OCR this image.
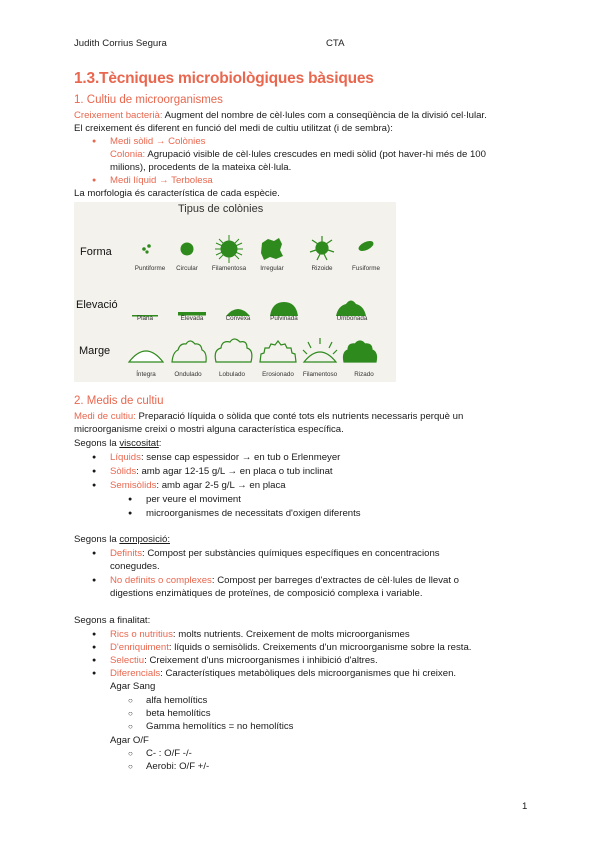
Judith Corrius Segura	CTA
1.3.Tècniques microbiològiques bàsiques
1. Cultiu de microorganismes
Creixement bacterià: Augment del nombre de cèl·lules com a conseqüència de la divisió cel·lular.
El creixement és diferent en funció del medi de cultiu utilitzat (i de sembra):
● Medi sòlid → Colònies
Colonia: Agrupació visible de cèl·lules crescudes en medi sòlid (pot haver-hi més de 100
milions), procedents de la mateixa cèl·lula.
● Medi líquid → Terbolesa
La morfologia és característica de cada espècie.
Tipus de colònies
Forma
Elevació
Marge
Puntiforme	Circular	Filamentosa	Irregular	Rizoide	Fusiforme
Plana	Elevada	Convexa	Pulvinada	Umbonada
Íntegra	Ondulado	Lobulado	Erosionado	Filamentoso	Rizado
2. Medis de cultiu
Medi de cultiu: Preparació líquida o sòlida que conté tots els nutrients necessaris perquè un
microorganisme creixi o mostri alguna característica específica.
Segons la viscositat:
● Líquids: sense cap espessidor → en tub o Erlenmeyer
● Sòlids: amb agar 12-15 g/L → en placa o tub inclinat
● Semisòlids: amb agar 2-5 g/L → en placa
● per veure el moviment
● microorganismes de necessitats d'oxigen diferents
Segons la composició:
● Definits: Compost per substàncies químiques específiques en concentracions
conegudes.
● No definits o complexes: Compost per barreges d'extractes de cèl·lules de llevat o
digestions enzimàtiques de proteïnes, de composició complexa i variable.
Segons a finalitat:
● Rics o nutritius: molts nutrients. Creixement de molts microorganismes
● D'enriquiment: líquids o semisòlids. Creixements d'un microorganisme sobre la resta.
● Selectiu: Creixement d'uns microorganismes i inhibició d'altres.
● Diferencials: Característiques metabòliques dels microorganismes que hi creixen.
Agar Sang
○ alfa hemolítics
○ beta hemolítics
○ Gamma hemolítics = no hemolítics
Agar O/F
○ C- : O/F -/-
○ Aerobi: O/F +/-
1
